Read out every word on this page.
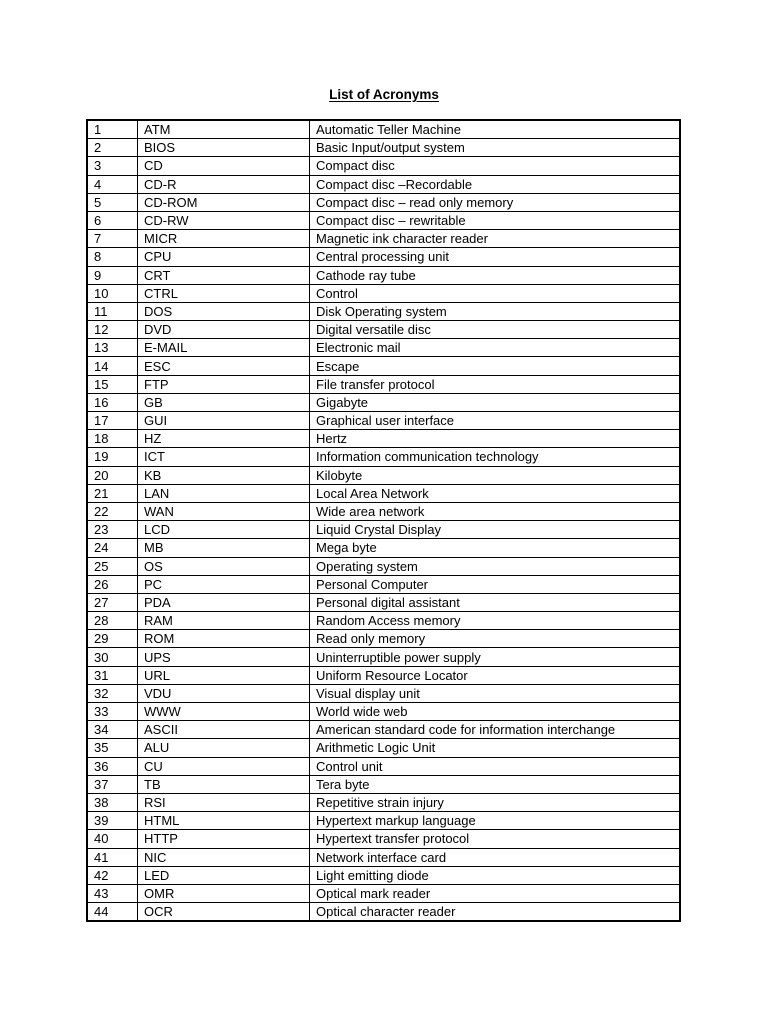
List of Acronyms
1	ATM	Automatic Teller Machine
2	BIOS	Basic Input/output system
3	CD	Compact disc
4	CD-R	Compact disc –Recordable
5	CD-ROM	Compact disc – read only memory
6	CD-RW	Compact disc – rewritable
7	MICR	Magnetic ink character reader
8	CPU	Central processing unit
9	CRT	Cathode ray tube
10	CTRL	Control
11	DOS	Disk Operating system
12	DVD	Digital versatile disc
13	E-MAIL	Electronic mail
14	ESC	Escape
15	FTP	File transfer protocol
16	GB	Gigabyte
17	GUI	Graphical user interface
18	HZ	Hertz
19	ICT	Information communication technology
20	KB	Kilobyte
21	LAN	Local Area Network
22	WAN	Wide area network
23	LCD	Liquid Crystal Display
24	MB	Mega byte
25	OS	Operating system
26	PC	Personal Computer
27	PDA	Personal digital assistant
28	RAM	Random Access memory
29	ROM	Read only memory
30	UPS	Uninterruptible power supply
31	URL	Uniform Resource Locator
32	VDU	Visual display unit
33	WWW	World wide web
34	ASCII	American standard code for information interchange
35	ALU	Arithmetic Logic Unit
36	CU	Control unit
37	TB	Tera byte
38	RSI	Repetitive strain injury
39	HTML	Hypertext markup language
40	HTTP	Hypertext transfer protocol
41	NIC	Network interface card
42	LED	Light emitting diode
43	OMR	Optical mark reader
44	OCR	Optical character reader
